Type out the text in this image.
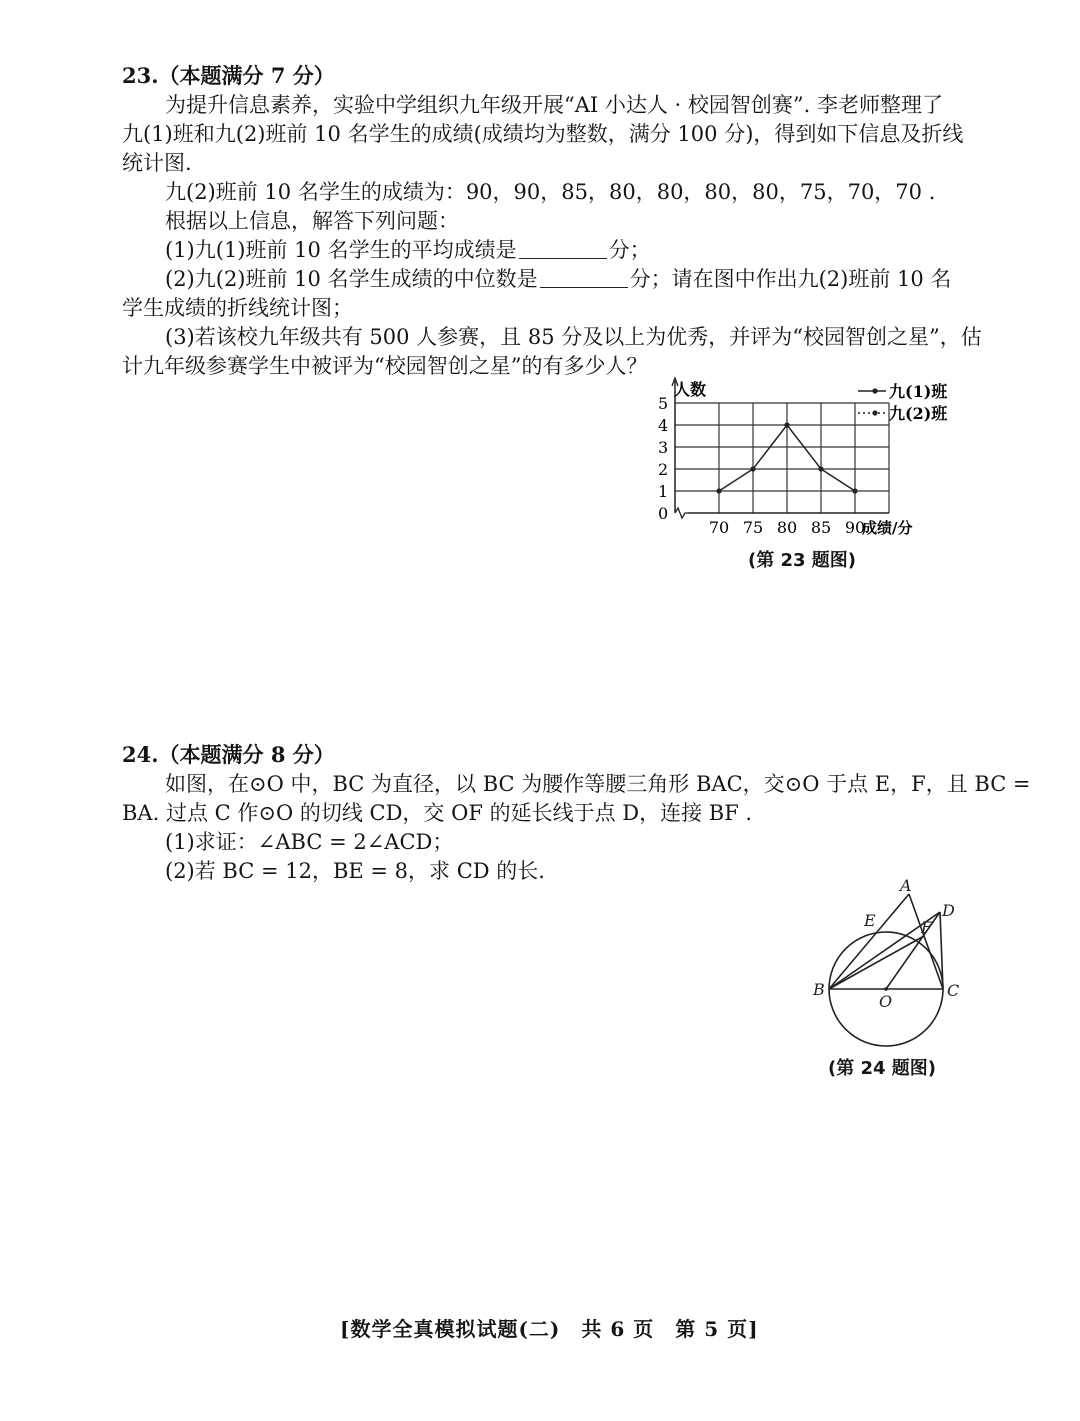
23.（本题满分 7 分）
为提升信息素养，实验中学组织九年级开展“AI 小达人 · 校园智创赛”. 李老师整理了
九(1)班和九(2)班前 10 名学生的成绩(成绩均为整数，满分 100 分)，得到如下信息及折线
统计图.
九(2)班前 10 名学生的成绩为：90，90，85，80，80，80，80，75，70，70 .
根据以上信息，解答下列问题：
(1)九(1)班前 10 名学生的平均成绩是	分；
(2)九(2)班前 10 名学生成绩的中位数是	分；请在图中作出九(2)班前 10 名
学生成绩的折线统计图；
(3)若该校九年级共有 500 人参赛，且 85 分及以上为优秀，并评为“校园智创之星”，估
计九年级参赛学生中被评为“校园智创之星”的有多少人？
0
1
2
3
4
5
70 75 80 85 90
人数
成绩/分
九(1)班
九(2)班
(第 23 题图)
24.（本题满分 8 分）
如图，在⊙O 中，BC 为直径，以 BC 为腰作等腰三角形 BAC，交⊙O 于点 E，F，且 BC =
BA. 过点 C 作⊙O 的切线 CD，交 OF 的延长线于点 D，连接 BF .
(1)求证：∠ABC = 2∠ACD；
(2)若 BC = 12，BE = 8，求 CD 的长.
A
B	C
D
E	F
O
(第 24 题图)
[数学全真模拟试题(二)　共 6 页　第 5 页]
